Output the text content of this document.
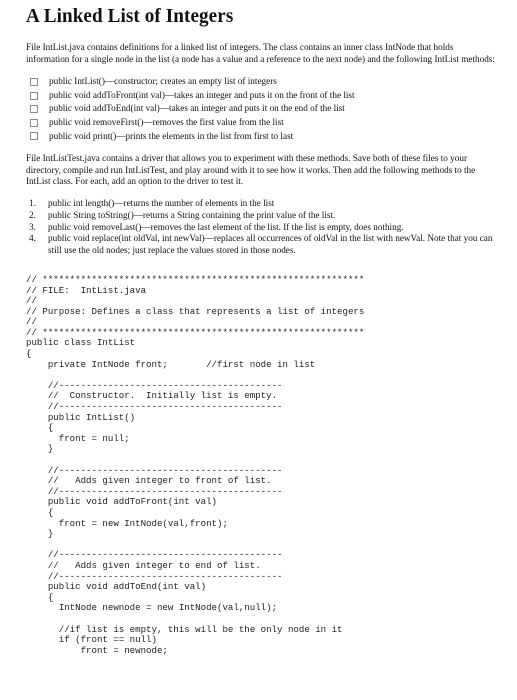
A Linked List of Integers

File IntList.java contains definitions for a linked list of integers. The class contains an inner class IntNode that holds information for a single node in the list (a node has a value and a reference to the next node) and the following IntList methods:

public IntList()—constructor; creates an empty list of integers
public void addToFront(int val)—takes an integer and puts it on the front of the list
public void addToEnd(int val)—takes an integer and puts it on the end of the list
public void removeFirst()—removes the first value from the list
public void print()—prints the elements in the list from first to last

File IntListTest.java contains a driver that allows you to experiment with these methods. Save both of these files to your directory, compile and run IntListTest, and play around with it to see how it works. Then add the following methods to the IntList class. For each, add an option to the driver to test it.

1.	public int length()—returns the number of elements in the list
2.	public String toString()—returns a String containing the print value of the list.
3.	public void removeLast()—removes the last element of the list. If the list is empty, does nothing.
4.	public void replace(int oldVal, int newVal)—replaces all occurrences of oldVal in the list with newVal. Note that you can still use the old nodes; just replace the values stored in those nodes.
// ***********************************************************
// FILE:  IntList.java
//
// Purpose: Defines a class that represents a list of integers
//
// ***********************************************************
public class IntList
{
private IntNode front;       //first node in list
//-----------------------------------------
//  Constructor.  Initially list is empty.
//-----------------------------------------
public IntList()
{
front = null;
}
//-----------------------------------------
//   Adds given integer to front of list.
//-----------------------------------------
public void addToFront(int val)
{
front = new IntNode(val,front);
}
//-----------------------------------------
//   Adds given integer to end of list.
//-----------------------------------------
public void addToEnd(int val)
{
IntNode newnode = new IntNode(val,null);
//if list is empty, this will be the only node in it
if (front == null)
front = newnode;
